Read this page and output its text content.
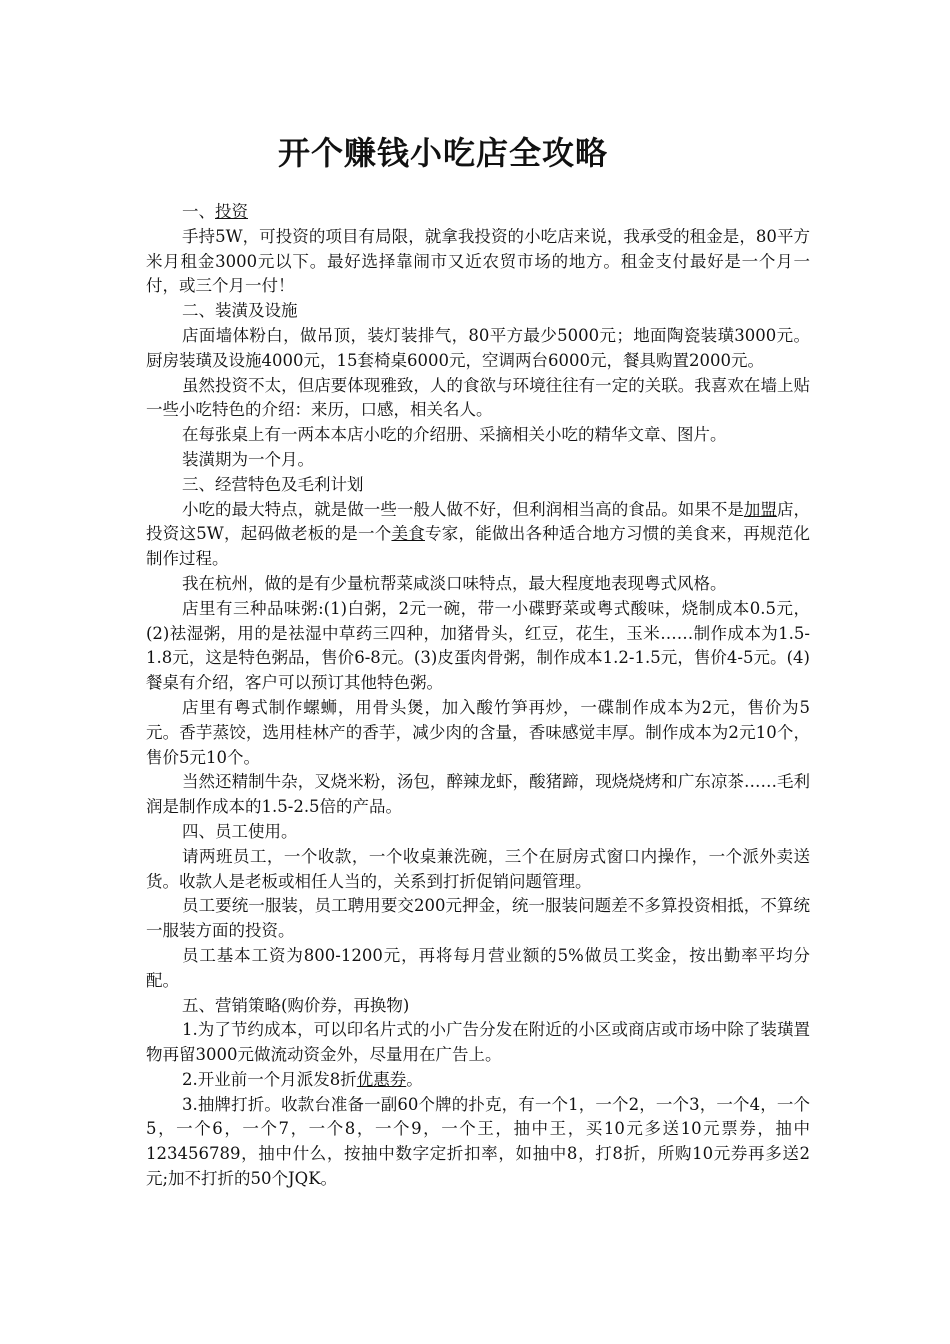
开个赚钱小吃店全攻略

一、投资

手持5W，可投资的项目有局限，就拿我投资的小吃店来说，我承受的租金是，80平方米月租金3000元以下。最好选择靠闹市又近农贸市场的地方。租金支付最好是一个月一付，或三个月一付！

二、装潢及设施

店面墙体粉白，做吊顶，装灯装排气，80平方最少5000元；地面陶瓷装璜3000元。厨房装璜及设施4000元，15套椅桌6000元，空调两台6000元，餐具购置2000元。

虽然投资不太，但店要体现雅致，人的食欲与环境往往有一定的关联。我喜欢在墙上贴一些小吃特色的介绍：来历，口感，相关名人。

在每张桌上有一两本本店小吃的介绍册、采摘相关小吃的精华文章、图片。

装潢期为一个月。

三、经营特色及毛利计划

小吃的最大特点，就是做一些一般人做不好，但利润相当高的食品。如果不是加盟店，投资这5W，起码做老板的是一个美食专家，能做出各种适合地方习惯的美食来，再规范化制作过程。

我在杭州，做的是有少量杭帮菜咸淡口味特点，最大程度地表现粤式风格。

店里有三种品味粥:(1)白粥，2元一碗，带一小碟野菜或粤式酸味，烧制成本0.5元，(2)祛湿粥，用的是祛湿中草药三四种，加猪骨头，红豆，花生，玉米……制作成本为1.5-1.8元，这是特色粥品，售价6-8元。(3)皮蛋肉骨粥，制作成本1.2-1.5元，售价4-5元。(4)餐桌有介绍，客户可以预订其他特色粥。

店里有粤式制作螺蛳，用骨头煲，加入酸竹笋再炒，一碟制作成本为2元，售价为5元。香芋蒸饺，选用桂林产的香芋，减少肉的含量，香味感觉丰厚。制作成本为2元10个，售价5元10个。

当然还精制牛杂，叉烧米粉，汤包，醉辣龙虾，酸猪蹄，现烧烧烤和广东凉茶……毛利润是制作成本的1.5-2.5倍的产品。

四、员工使用。

请两班员工，一个收款，一个收桌兼洗碗，三个在厨房式窗口内操作，一个派外卖送货。收款人是老板或相任人当的，关系到打折促销问题管理。

员工要统一服装，员工聘用要交200元押金，统一服装问题差不多算投资相抵，不算统一服装方面的投资。

员工基本工资为800-1200元，再将每月营业额的5%做员工奖金，按出勤率平均分配。

五、营销策略(购价券，再换物)

1.为了节约成本，可以印名片式的小广告分发在附近的小区或商店或市场中除了装璜置物再留3000元做流动资金外，尽量用在广告上。

2.开业前一个月派发8折优惠券。

3.抽牌打折。收款台准备一副60个牌的扑克，有一个1，一个2，一个3，一个4，一个5，一个6，一个7，一个8，一个9，一个王，抽中王，买10元多送10元票券，抽中123456789，抽中什么，按抽中数字定折扣率，如抽中8，打8折，所购10元券再多送2元;加不打折的50个JQK。
